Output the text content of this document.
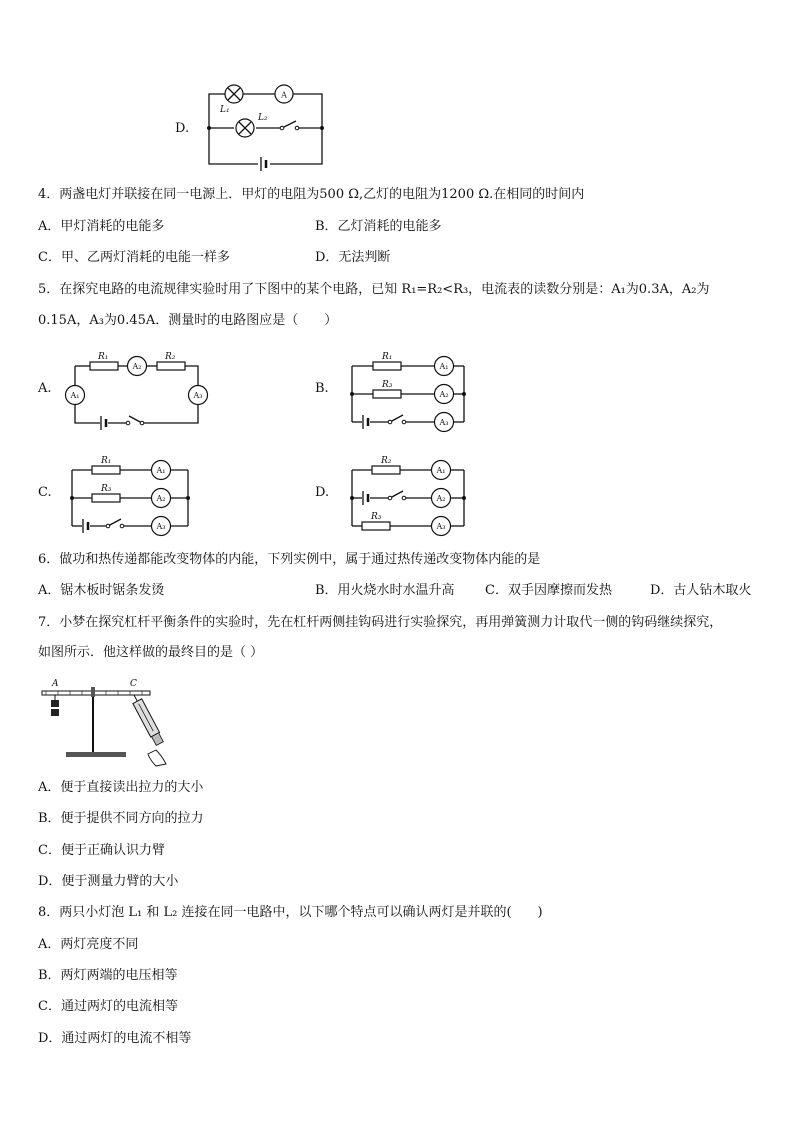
D.
A
L₁
L₂
4．两盏电灯并联接在同一电源上．甲灯的电阻为500 Ω,乙灯的电阻为1200 Ω.在相同的时间内
A．甲灯消耗的电能多	B．乙灯消耗的电能多
C．甲、乙两灯消耗的电能一样多	D．无法判断
5．在探究电路的电流规律实验时用了下图中的某个电路，已知 R₁=R₂<R₃，电流表的读数分别是：A₁为0.3A，A₂为
0.15A，A₃为0.45A．测量时的电路图应是（　　）
A.
R₁	R₂
A₂
A₁	A₃	B.
R₁
R₃
A₁
A₂
A₃
C.
R₁
R₃
A₁
A₂
A₃
D.
R₂
R₃
A₁
A₂
A₃
6．做功和热传递都能改变物体的内能，下列实例中，属于通过热传递改变物体内能的是
A．锯木板时锯条发烫	B．用火烧水时水温升高 C．双手因摩擦而发热	D．古人钻木取火
7．小梦在探究杠杆平衡条件的实验时，先在杠杆两侧挂钩码进行实验探究，再用弹簧测力计取代一侧的钩码继续探究，
如图所示．他这样做的最终目的是（ ）
A	C
A．便于直接读出拉力的大小
B．便于提供不同方向的拉力
C．便于正确认识力臂
D．便于测量力臂的大小
8．两只小灯泡 L₁ 和 L₂ 连接在同一电路中，以下哪个特点可以确认两灯是并联的(　　)
A．两灯亮度不同
B．两灯两端的电压相等
C．通过两灯的电流相等
D．通过两灯的电流不相等
